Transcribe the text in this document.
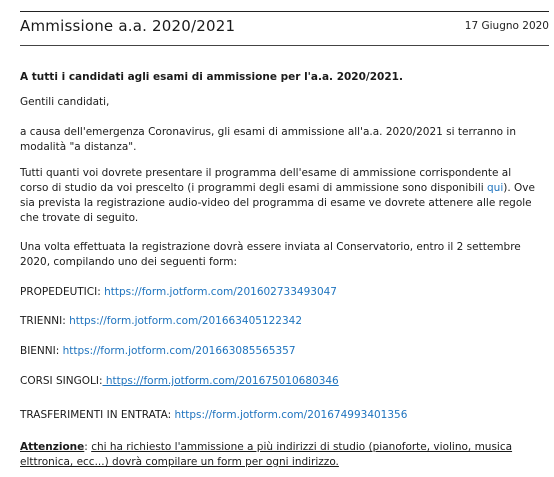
Ammissione a.a. 2020/2021	17 Giugno 2020

A tutti i candidati agli esami di ammissione per l'a.a. 2020/2021.

Gentili candidati,

a causa dell'emergenza Coronavirus, gli esami di ammissione all'a.a. 2020/2021 si terranno in modalità "a distanza".

Tutti quanti voi dovrete presentare il programma dell'esame di ammissione corrispondente al corso di studio da voi prescelto (i programmi degli esami di ammissione sono disponibili qui). Ove sia prevista la registrazione audio-video del programma di esame ve dovrete attenere alle regole che trovate di seguito.

Una volta effettuata la registrazione dovrà essere inviata al Conservatorio, entro il 2 settembre 2020, compilando uno dei seguenti form:

PROPEDEUTICI: https://form.jotform.com/201602733493047

TRIENNI: https://form.jotform.com/201663405122342

BIENNI: https://form.jotform.com/201663085565357

CORSI SINGOLI: https://form.jotform.com/201675010680346

TRASFERIMENTI IN ENTRATA: https://form.jotform.com/201674993401356

Attenzione: chi ha richiesto l'ammissione a più indirizzi di studio (pianoforte, violino, musica elttronica, ecc...) dovrà compilare un form per ogni indirizzo.
